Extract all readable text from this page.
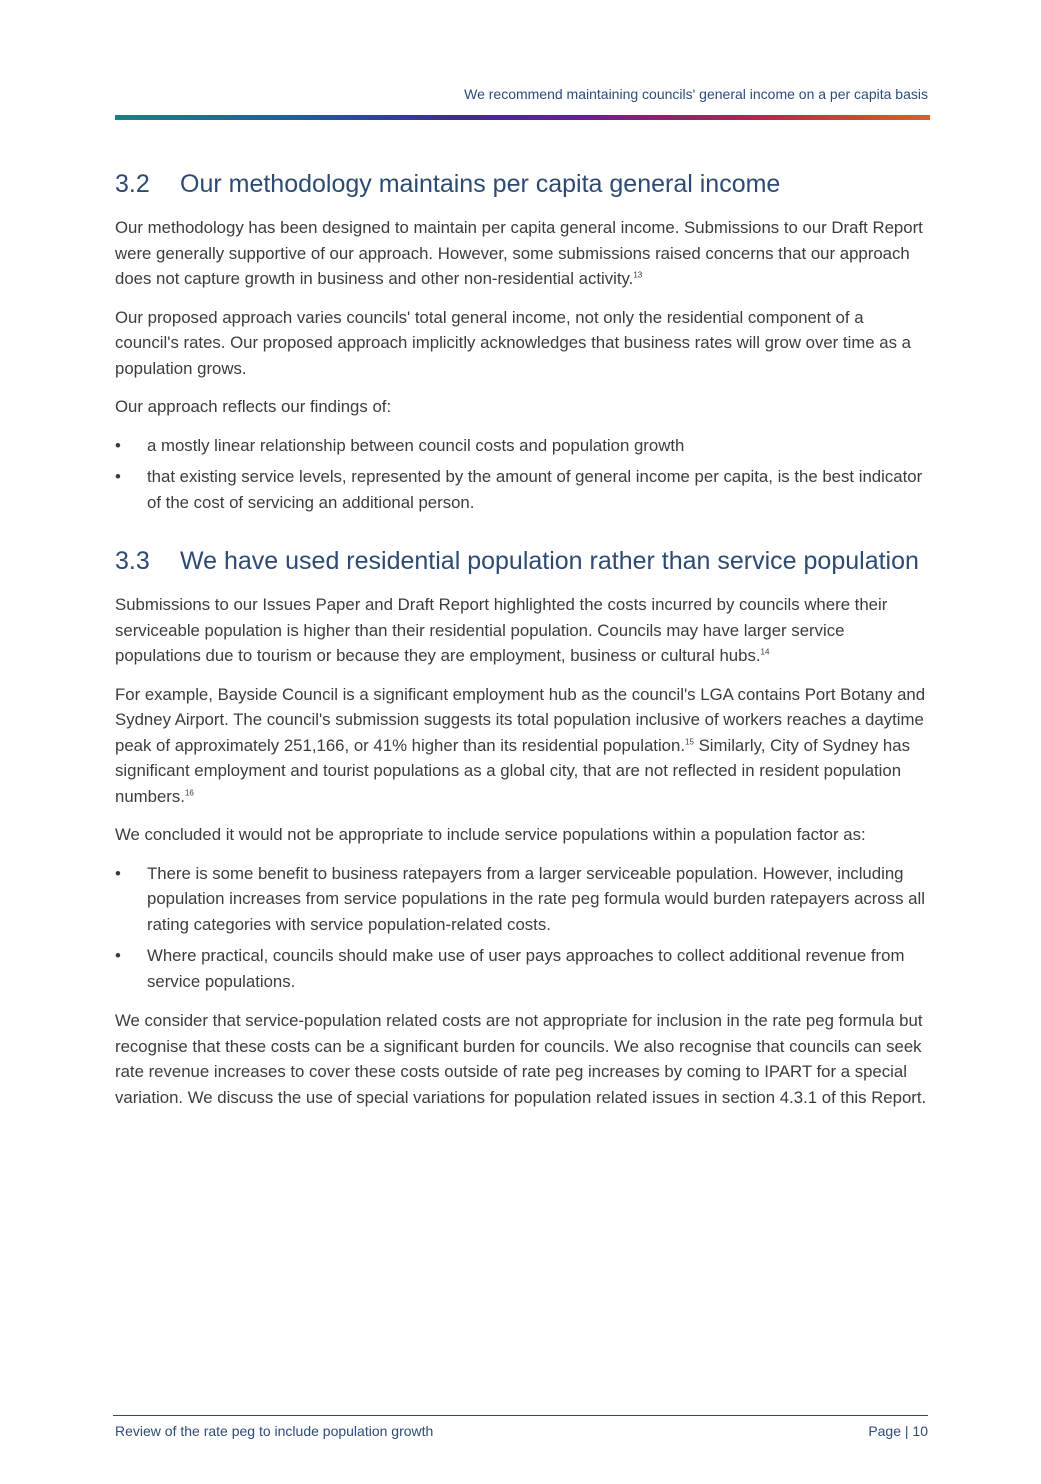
We recommend maintaining councils' general income on a per capita basis
3.2	Our methodology maintains per capita general income

Our methodology has been designed to maintain per capita general income. Submissions to our Draft Report were generally supportive of our approach. However, some submissions raised concerns that our approach does not capture growth in business and other non-residential activity.$^{13}$

Our proposed approach varies councils' total general income, not only the residential component of a council's rates. Our proposed approach implicitly acknowledges that business rates will grow over time as a population grows.

Our approach reflects our findings of:

• a mostly linear relationship between council costs and population growth
• that existing service levels, represented by the amount of general income per capita, is the best indicator of the cost of servicing an additional person.
3.3	We have used residential population rather than service population

Submissions to our Issues Paper and Draft Report highlighted the costs incurred by councils where their serviceable population is higher than their residential population. Councils may have larger service populations due to tourism or because they are employment, business or cultural hubs.$^{14}$

For example, Bayside Council is a significant employment hub as the council's LGA contains Port Botany and Sydney Airport. The council's submission suggests its total population inclusive of workers reaches a daytime peak of approximately 251,166, or 41% higher than its residential population.$^{15}$ Similarly, City of Sydney has significant employment and tourist populations as a global city, that are not reflected in resident population numbers.$^{16}$

We concluded it would not be appropriate to include service populations within a population factor as:

• There is some benefit to business ratepayers from a larger serviceable population. However, including population increases from service populations in the rate peg formula would burden ratepayers across all rating categories with service population-related costs.
• Where practical, councils should make use of user pays approaches to collect additional revenue from service populations.

We consider that service-population related costs are not appropriate for inclusion in the rate peg formula but recognise that these costs can be a significant burden for councils. We also recognise that councils can seek rate revenue increases to cover these costs outside of rate peg increases by coming to IPART for a special variation. We discuss the use of special variations for population related issues in section 4.3.1 of this Report.

Review of the rate peg to include population growth	Page | 10
